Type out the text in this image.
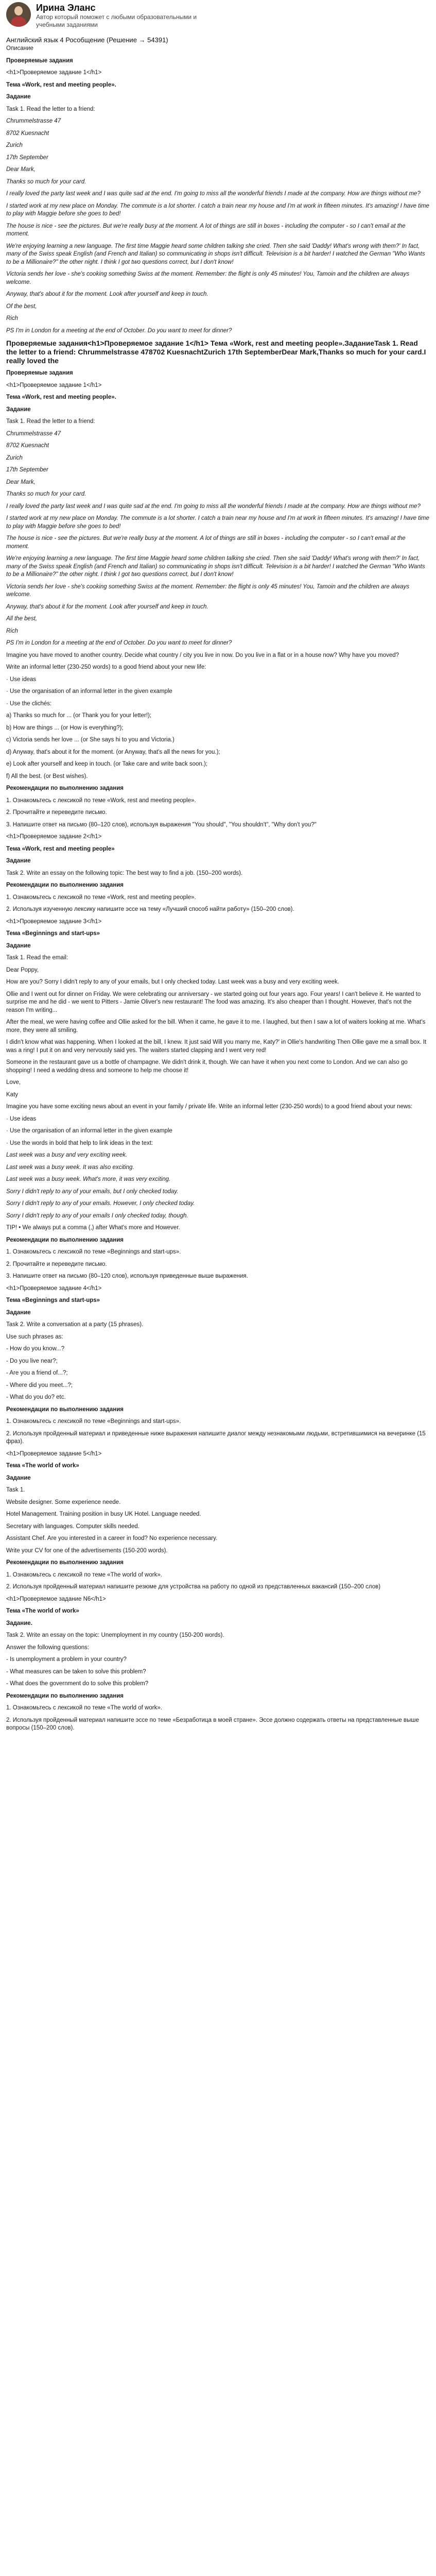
Ирина Эланс
Автор который поможет с любыми образовательными и
учебными заданиями
Английский язык 4 Рособщение (Решение → 54391)
Описание
Проверяемые задания
<h1>Проверяемое задание 1</h1>
Тема «Work, rest and meeting people».
Задание
Task 1. Read the letter to a friend:
Chrummelstrasse 47
8702 Kuesnacht
Zurich
17th September
Dear Mark,
Thanks so much for your card.
I really loved the party last week and I was quite sad at the end. I'm going to miss all the wonderful friends I made at the company. How are things without me?
I started work at my new place on Monday. The commute is a lot shorter. I catch a train near my house and I'm at work in fifteen minutes. It's amazing! I have time to play with Maggie before she goes to bed!
The house is nice - see the pictures. But we're really busy at the moment. A lot of things are still in boxes - including the computer - so I can't email at the moment.
We're enjoying learning a new language. The first time Maggie heard some children talking she cried. Then she said 'Daddy! What's wrong with them?' In fact, many of the Swiss speak English (and French and Italian) so communicating in shops isn't difficult. Television is a bit harder! I watched the German "Who Wants to be a Millionaire?" the other night. I think I got two questions correct, but I don't know!
Victoria sends her love - she's cooking something Swiss at the moment. Remember: the flight is only 45 minutes! You, Tamoin and the children are always welcome.
Anyway, that's about it for the moment. Look after yourself and keep in touch.
Of the best,
Rich
PS I'm in London for a meeting at the end of October. Do you want to meet for dinner?
Проверяемые задания<h1>Проверяемое задание 1</h1> Тема «Work, rest and meeting people».ЗаданиеTask 1. Read the letter to a friend: Chrummelstrasse 478702 KuesnachtZurich 17th SeptemberDear Mark,Thanks so much for your card.I really loved the
Проверяемые задания
<h1>Проверяемое задание 1</h1>
Тема «Work, rest and meeting people».
Задание
Task 1. Read the letter to a friend:
Chrummelstrasse 47
8702 Kuesnacht
Zurich
17th September
Dear Mark,
Thanks so much for your card.
I really loved the party last week and I was quite sad at the end. I'm going to miss all the wonderful friends I made at the company. How are things without me?
I started work at my new place on Monday. The commute is a lot shorter. I catch a train near my house and I'm at work in fifteen minutes. It's amazing! I have time to play with Maggie before she goes to bed!
The house is nice - see the pictures. But we're really busy at the moment. A lot of things are still in boxes - including the computer - so I can't email at the moment.
We're enjoying learning a new language. The first time Maggie heard some children talking she cried. Then she said 'Daddy! What's wrong with them?' In fact, many of the Swiss speak English (and French and Italian) so communicating in shops isn't difficult. Television is a bit harder! I watched the German "Who Wants to be a Millionaire?" the other night. I think I got two questions correct, but I don't know!
Victoria sends her love - she's cooking something Swiss at the moment. Remember: the flight is only 45 minutes! You, Tamoin and the children are always welcome.
Anyway, that's about it for the moment. Look after yourself and keep in touch.
All the best,
Rich
PS I'm in London for a meeting at the end of October. Do you want to meet for dinner?
Imagine you have moved to another country. Decide what country / city you live in now. Do you live in a flat or in a house now? Why have you moved?
Write an informal letter (230-250 words) to a good friend about your new life:
· Use ideas
· Use the organisation of an informal letter in the given example
· Use the clichés:
a) Thanks so much for ... (or Thank you for your letter!);
b) How are things ... (or How is everything?);
c) Victoria sends her love ... (or She says hi to you and Victoria.)
d) Anyway, that's about it for the moment. (or Anyway, that's all the news for you.);
e) Look after yourself and keep in touch. (or Take care and write back soon.);
f) All the best. (or Best wishes).
Рекомендации по выполнению задания
1. Ознакомьтесь с лексикой по теме «Work, rest and meeting people».
2. Прочитайте и переведите письмо.
3. Напишите ответ на письмо (80–120 слов), используя выражения "You should", "You shouldn't", "Why don't you?"
<h1>Проверяемое задание 2</h1>
Тема «Work, rest and meeting people»
Задание
Task 2. Write an essay on the following topic: The best way to find a job. (150–200 words).
Рекомендации по выполнению задания
1. Ознакомьтесь с лексикой по теме «Work, rest and meeting people».
2. Используя изученную лексику напишите эссе на тему «Лучший способ найти работу» (150–200 слов).
<h1>Проверяемое задание 3</h1>
Тема «Beginnings and start-ups»
Задание
Task 1. Read the email:
Dear Poppy,
How are you? Sorry I didn't reply to any of your emails, but I only checked today. Last week was a busy and very exciting week.
Ollie and I went out for dinner on Friday. We were celebrating our anniversary - we started going out four years ago. Four years! I can't believe it. He wanted to surprise me and he did - we went to Pitters - Jamie Oliver's new restaurant! The food was amazing. It's also cheaper than I thought. However, that's not the reason I'm writing...
After the meal, we were having coffee and Ollie asked for the bill. When it came, he gave it to me. I laughed, but then I saw a lot of waiters looking at me. What's more, they were all smiling.
I didn't know what was happening. When I looked at the bill, I knew. It just said Will you marry me, Katy?' in Ollie's handwriting Then Ollie gave me a small box. It was a ring! I put it on and very nervously said yes. The waiters started clapping and I went very red!
Someone in the restaurant gave us a bottle of champagne. We didn't drink it, though. We can have it when you next come to London. And we can also go shopping! I need a wedding dress and someone to help me choose it!
Love,
Katy
Imagine you have some exciting news about an event in your family / private life. Write an informal letter (230-250 words) to a good friend about your news:
· Use ideas
· Use the organisation of an informal letter in the given example
· Use the words in bold that help to link ideas in the text:
Last week was a busy and very exciting week.
Last week was a busy week. It was also exciting.
Last week was a busy week. What's more, it was very exciting.
Sorry I didn't reply to any of your emails, but I only checked today.
Sorry I didn't reply to any of your emails. However, I only checked today.
Sorry I didn't reply to any of your emails I only checked today, though.
TIP! • We always put a comma (,) after What's more and However.
Рекомендации по выполнению задания
1. Ознакомьтесь с лексикой по теме «Beginnings and start-ups».
2. Прочитайте и переведите письмо.
3. Напишите ответ на письмо (80–120 слов), используя приведенные выше выражения.
<h1>Проверяемое задание 4</h1>
Тема «Beginnings and start-ups»
Задание
Task 2. Write a conversation at a party (15 phrases).
Use such phrases as:
- How do you know...?
- Do you live near?;
- Are you a friend of...?;
- Where did you meet...?;
- What do you do? etc.
Рекомендации по выполнению задания
1. Ознакомьтесь с лексикой по теме «Beginnings and start-ups».
2. Используя пройденный материал и приведенные ниже выражения напишите диалог между незнакомыми людьми, встретившимися на вечеринке (15 фраз).
<h1>Проверяемое задание 5</h1>
Тема «The world of work»
Задание
Task 1.
Website designer. Some experience neede.
Hotel Management. Training position in busy UK Hotel. Language needed.
Secretary with languages. Computer skills needed.
Assistant Chef. Are you interested in a career in food? No experience necessary.
Write your CV for one of the advertisements (150-200 words).
Рекомендации по выполнению задания
1. Ознакомьтесь с лексикой по теме «The world of work».
2. Используя пройденный материал напишите резюме для устройства на работу по одной из представленных вакансий (150–200 слов)
<h1>Проверяемое задание N6</h1>
Тема «The world of work»
Задание.
Task 2. Write an essay on the topic: Unemployment in my country (150-200 words).
Answer the following questions:
- Is unemployment a problem in your country?
- What measures can be taken to solve this problem?
- What does the government do to solve this problem?
Рекомендации по выполнению задания
1. Ознакомьтесь с лексикой по теме «The world of work».
2. Используя пройденный материал напишите эссе по теме «Безработица в моей стране». Эссе должно содержать ответы на представленные выше вопросы (150–200 слов).
